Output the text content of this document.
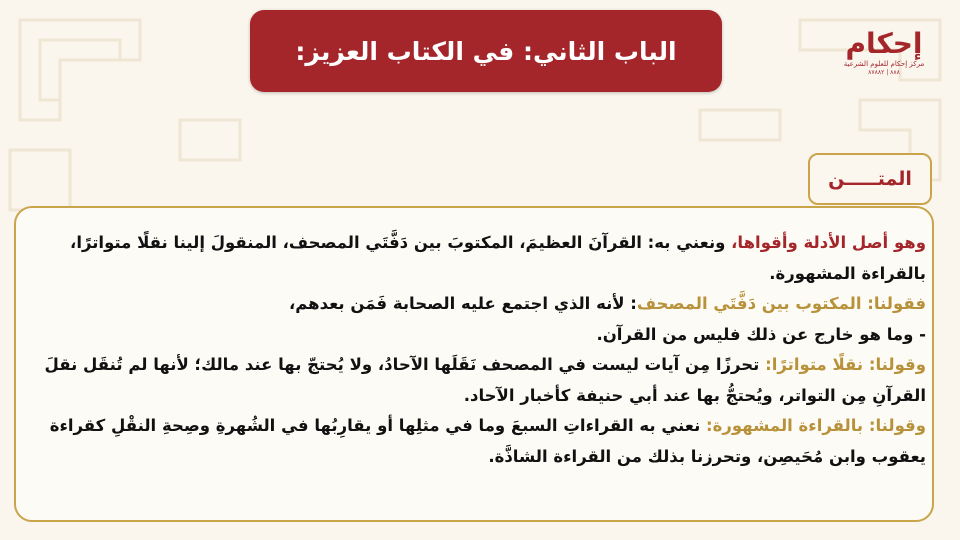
الباب الثاني: في الكتاب العزيز:	إحكام
مركز إحكام للعلوم الشرعية
٨٨٨ | ٨٧٨٨٢
المتـــــن

وهو أصل الأدلة وأقواها، ونعني به: القرآنَ العظيمَ، المكتوبَ بين دَفَّتَي المصحف، المنقولَ إلينا نقلًا متواترًا، بالقراءة المشهورة.

فقولنا: المكتوب بين دَفَّتَي المصحف: لأنه الذي اجتمع عليه الصحابة فَمَن بعدهم،

- وما هو خارج عن ذلك فليس من القرآن.

وقولنا: نقلًا متواترًا: تحرزًا مِن آيات ليست في المصحف نَقَلَها الآحادُ، ولا يُحتجّ بها عند مالك؛ لأنها لم تُنقَل نقلَ القرآنِ مِن التواتر، ويُحتجُّ بها عند أبي حنيفة كأخبار الآحاد.

وقولنا: بالقراءة المشهورة: نعني به القراءاتِ السبعَ وما في مثلِها أو يقارِبُها في الشُهرةِ وصِحةِ النقْلِ كقراءة يعقوب وابن مُحَيصِن، وتحرزنا بذلك من القراءة الشاذَّة.
